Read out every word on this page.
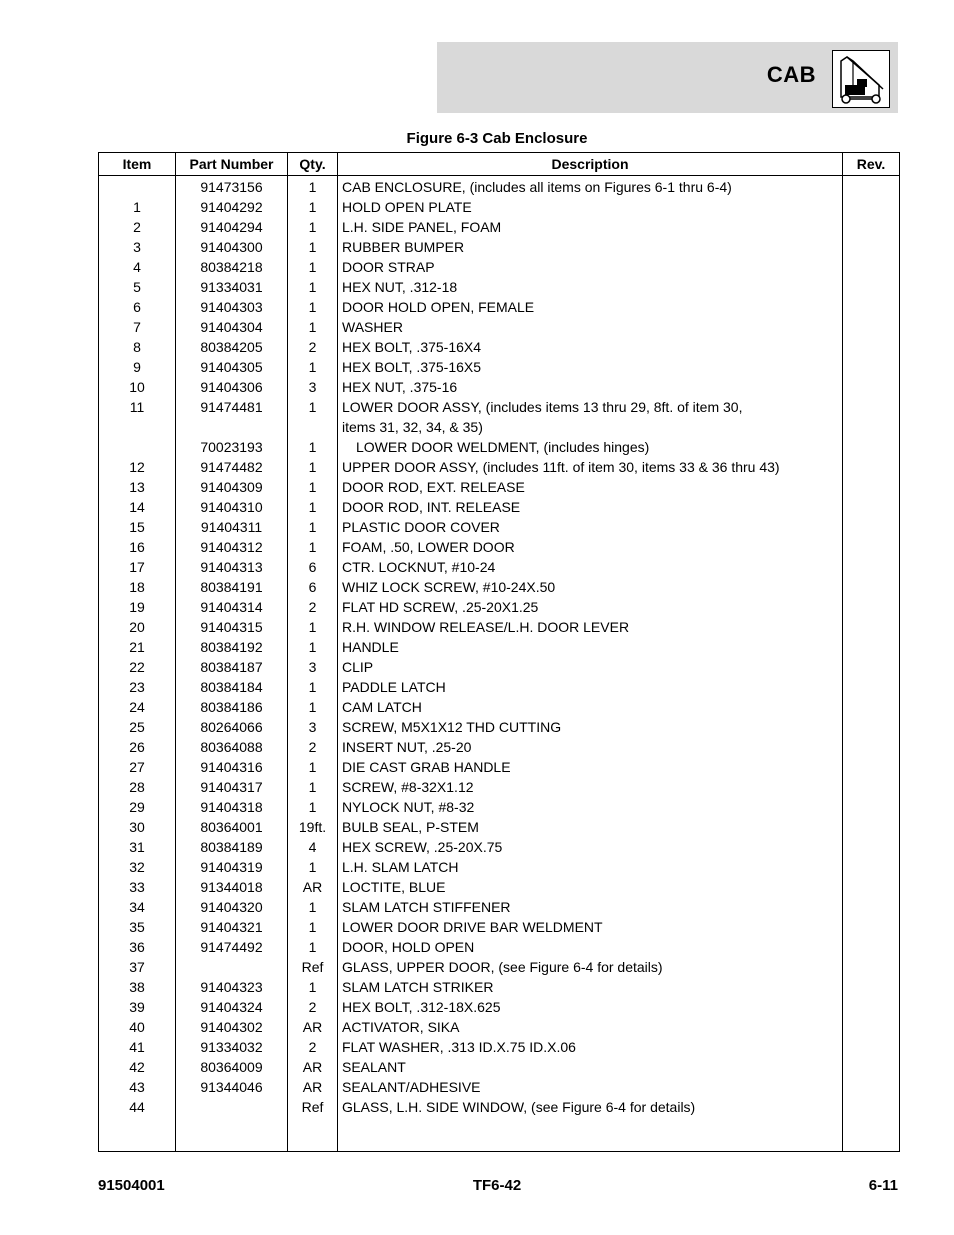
CAB
Figure 6-3 Cab Enclosure
Item	Part Number	Qty.	Description	Rev.
	91473156	1	CAB ENCLOSURE, (includes all items on Figures 6-1 thru 6-4)	
1	91404292	1	HOLD OPEN PLATE	
2	91404294	1	L.H. SIDE PANEL, FOAM	
3	91404300	1	RUBBER BUMPER	
4	80384218	1	DOOR STRAP	
5	91334031	1	HEX NUT, .312-18	
6	91404303	1	DOOR HOLD OPEN, FEMALE	
7	91404304	1	WASHER	
8	80384205	2	HEX BOLT, .375-16X4	
9	91404305	1	HEX BOLT, .375-16X5	
10	91404306	3	HEX NUT, .375-16	
11	91474481	1	LOWER DOOR ASSY, (includes items 13 thru 29, 8ft. of item 30,
items 31, 32, 34, & 35)	

	70023193	1	LOWER DOOR WELDMENT, (includes hinges)	
12	91474482	1	UPPER DOOR ASSY, (includes 11ft. of item 30, items 33 & 36 thru 43)	
13	91404309	1	DOOR ROD, EXT. RELEASE	
14	91404310	1	DOOR ROD, INT. RELEASE	
15	91404311	1	PLASTIC DOOR COVER	
16	91404312	1	FOAM, .50, LOWER DOOR	
17	91404313	6	CTR. LOCKNUT, #10-24	
18	80384191	6	WHIZ LOCK SCREW, #10-24X.50	
19	91404314	2	FLAT HD SCREW, .25-20X1.25	
20	91404315	1	R.H. WINDOW RELEASE/L.H. DOOR LEVER	
21	80384192	1	HANDLE	
22	80384187	3	CLIP	
23	80384184	1	PADDLE LATCH	
24	80384186	1	CAM LATCH	
25	80264066	3	SCREW, M5X1X12 THD CUTTING	
26	80364088	2	INSERT NUT, .25-20	
27	91404316	1	DIE CAST GRAB HANDLE	
28	91404317	1	SCREW, #8-32X1.12	
29	91404318	1	NYLOCK NUT, #8-32	
30	80364001	19ft.	BULB SEAL, P-STEM	
31	80384189	4	HEX SCREW, .25-20X.75	
32	91404319	1	L.H. SLAM LATCH	
33	91344018	AR	LOCTITE, BLUE	
34	91404320	1	SLAM LATCH STIFFENER	
35	91404321	1	LOWER DOOR DRIVE BAR WELDMENT	
36	91474492	1	DOOR, HOLD OPEN	
37		Ref	GLASS, UPPER DOOR, (see Figure 6-4 for details)	
38	91404323	1	SLAM LATCH STRIKER	
39	91404324	2	HEX BOLT, .312-18X.625	
40	91404302	AR	ACTIVATOR, SIKA	
41	91334032	2	FLAT WASHER, .313 ID.X.75 ID.X.06	
42	80364009	AR	SEALANT	
43	91344046	AR	SEALANT/ADHESIVE	
44		Ref	GLASS, L.H. SIDE WINDOW, (see Figure 6-4 for details)	

91504001	TF6-42	6-11
